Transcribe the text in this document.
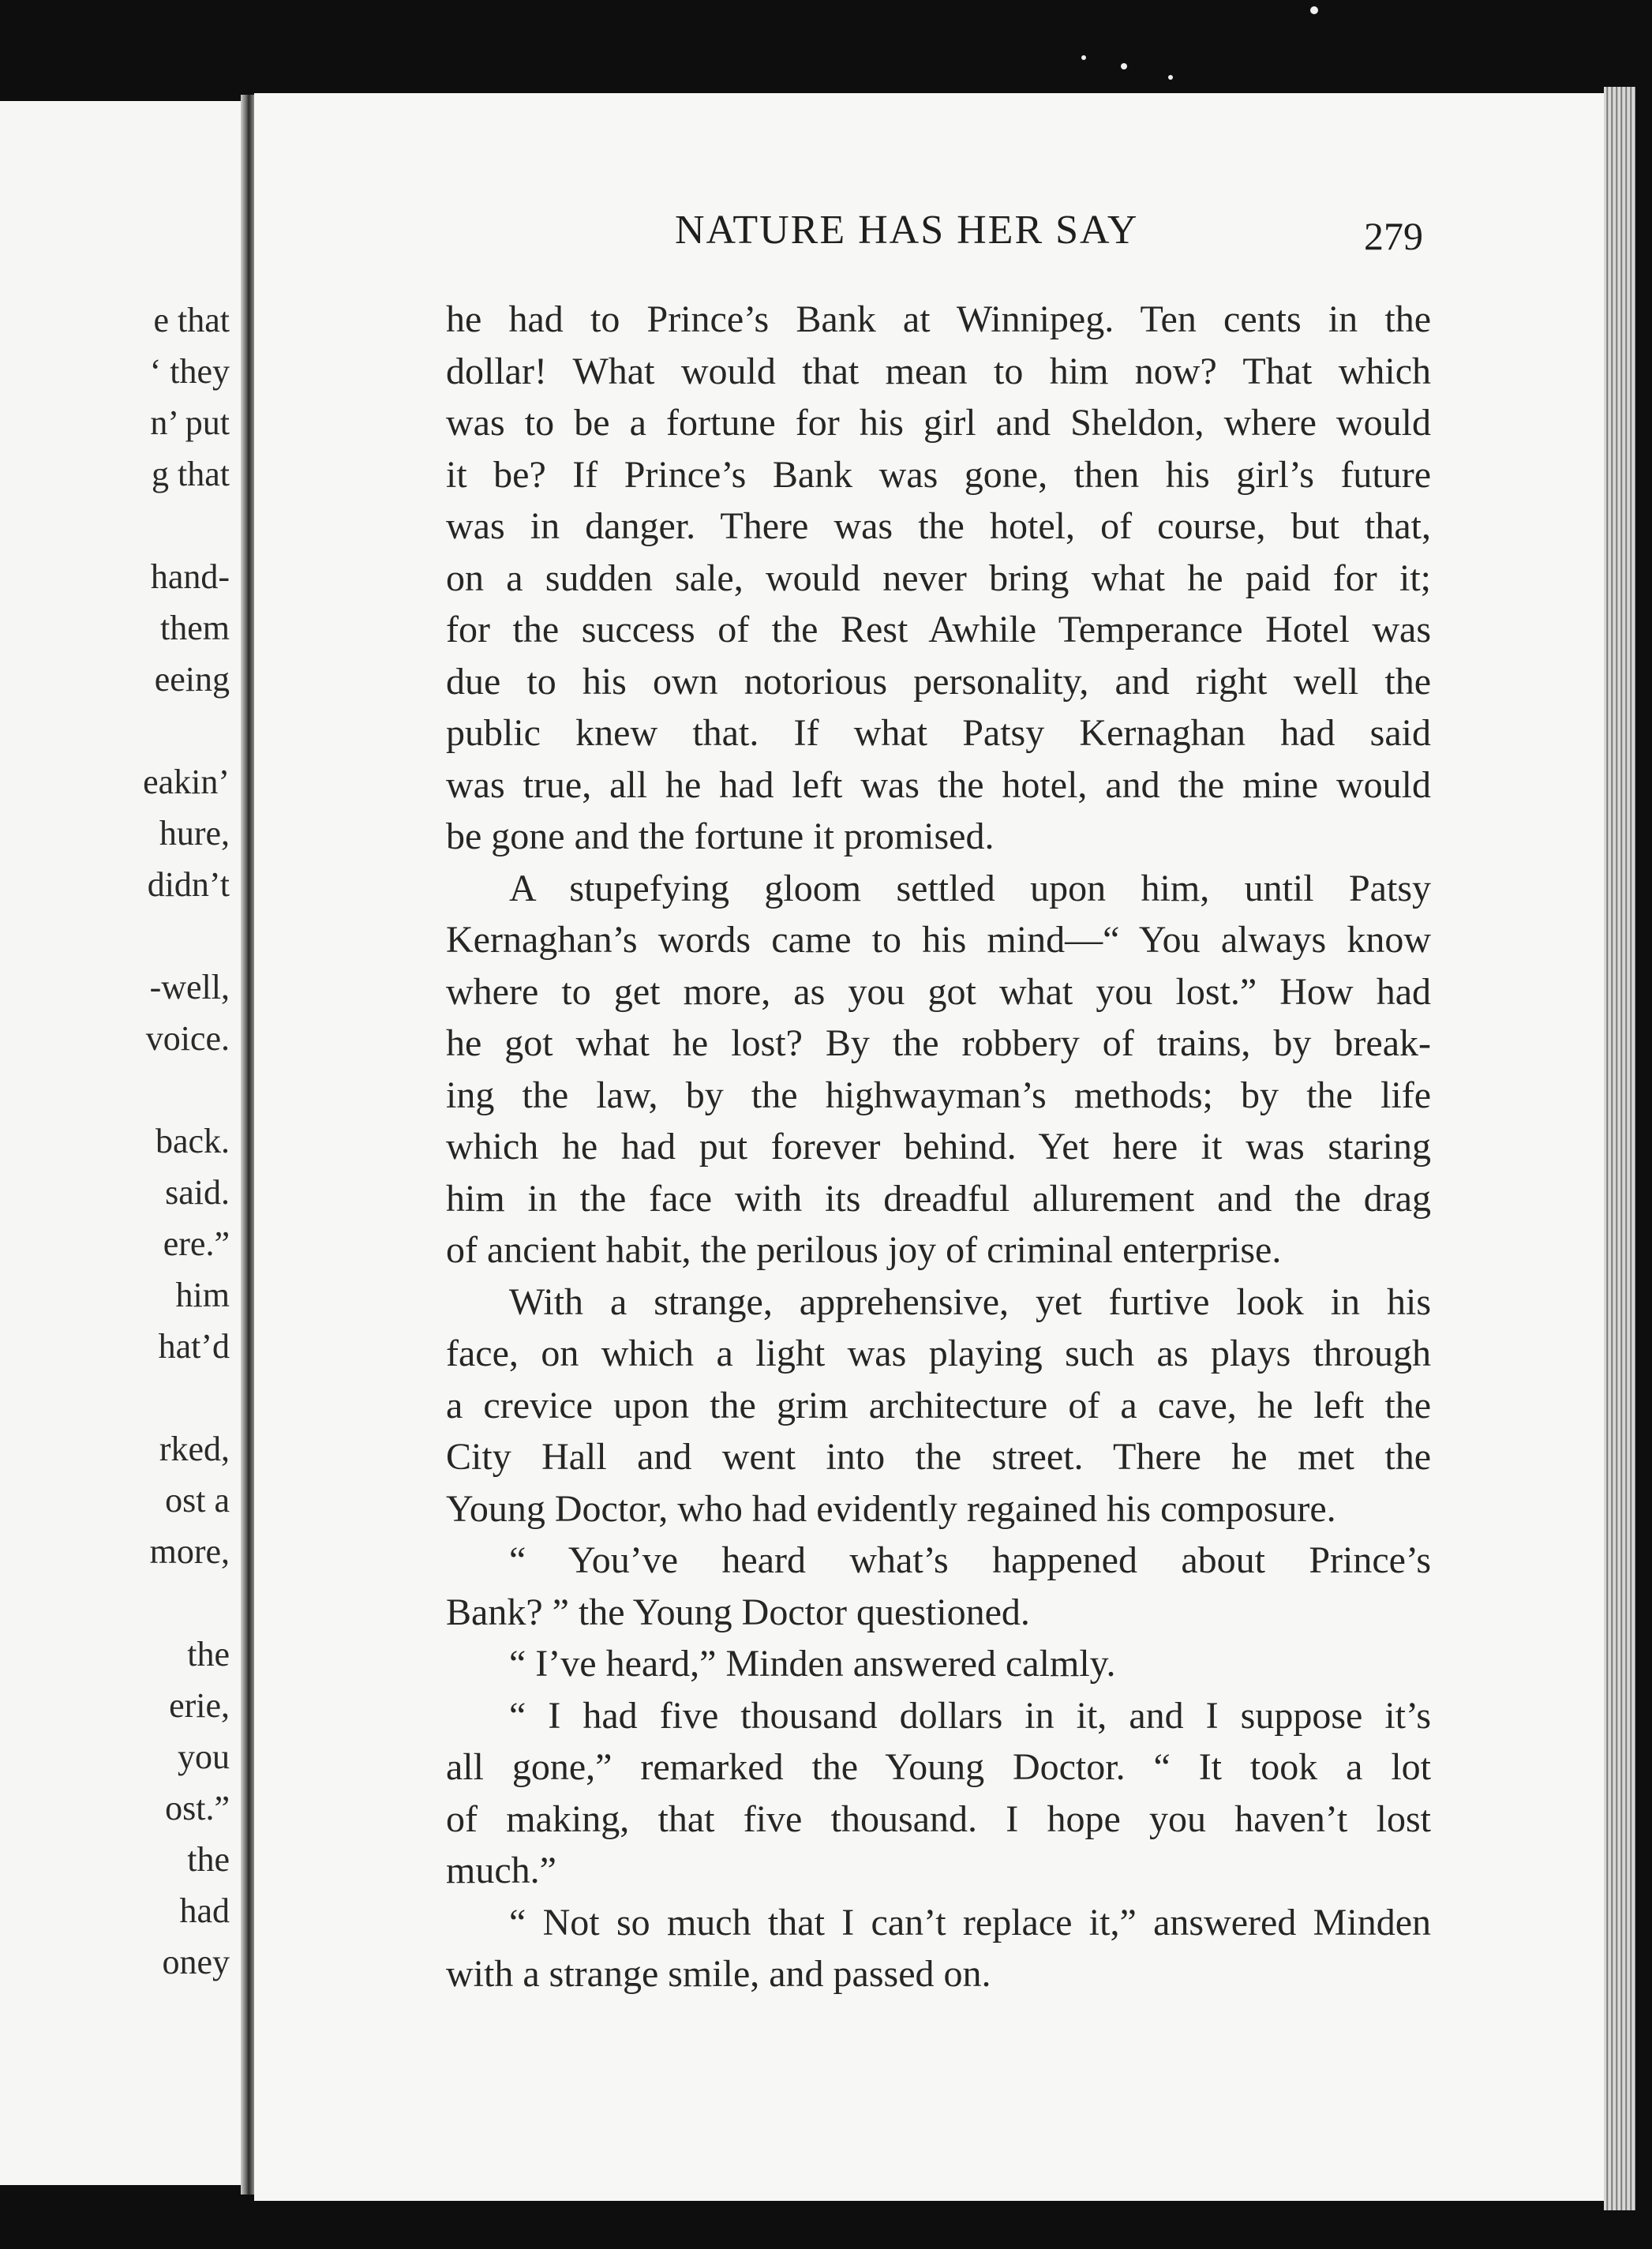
e that
‘ they
n’ put
g that
hand-
them
eeing
eakin’
hure,
didn’t
-well,
voice.
back.
said.
ere.”
him
hat’d
rked,
ost a
more,
the
erie,
you
ost.”
the
had
oney
NATURE HAS HER SAY	279
he had to Prince’s Bank at Winnipeg. Ten cents in the
dollar! What would that mean to him now? That which
was to be a fortune for his girl and Sheldon, where would
it be? If Prince’s Bank was gone, then his girl’s future
was in danger. There was the hotel, of course, but that,
on a sudden sale, would never bring what he paid for it;
for the success of the Rest Awhile Temperance Hotel was
due to his own notorious personality, and right well the
public knew that. If what Patsy Kernaghan had said
was true, all he had left was the hotel, and the mine would
be gone and the fortune it promised.
A stupefying gloom settled upon him, until Patsy
Kernaghan’s words came to his mind—“ You always know
where to get more, as you got what you lost.” How had
he got what he lost? By the robbery of trains, by break-
ing the law, by the highwayman’s methods; by the life
which he had put forever behind. Yet here it was staring
him in the face with its dreadful allurement and the drag
of ancient habit, the perilous joy of criminal enterprise.
With a strange, apprehensive, yet furtive look in his
face, on which a light was playing such as plays through
a crevice upon the grim architecture of a cave, he left the
City Hall and went into the street. There he met the
Young Doctor, who had evidently regained his composure.
“ You’ve heard what’s happened about Prince’s
Bank? ” the Young Doctor questioned.
“ I’ve heard,” Minden answered calmly.
“ I had five thousand dollars in it, and I suppose it’s
all gone,” remarked the Young Doctor. “ It took a lot
of making, that five thousand. I hope you haven’t lost
much.”
“ Not so much that I can’t replace it,” answered Minden
with a strange smile, and passed on.
